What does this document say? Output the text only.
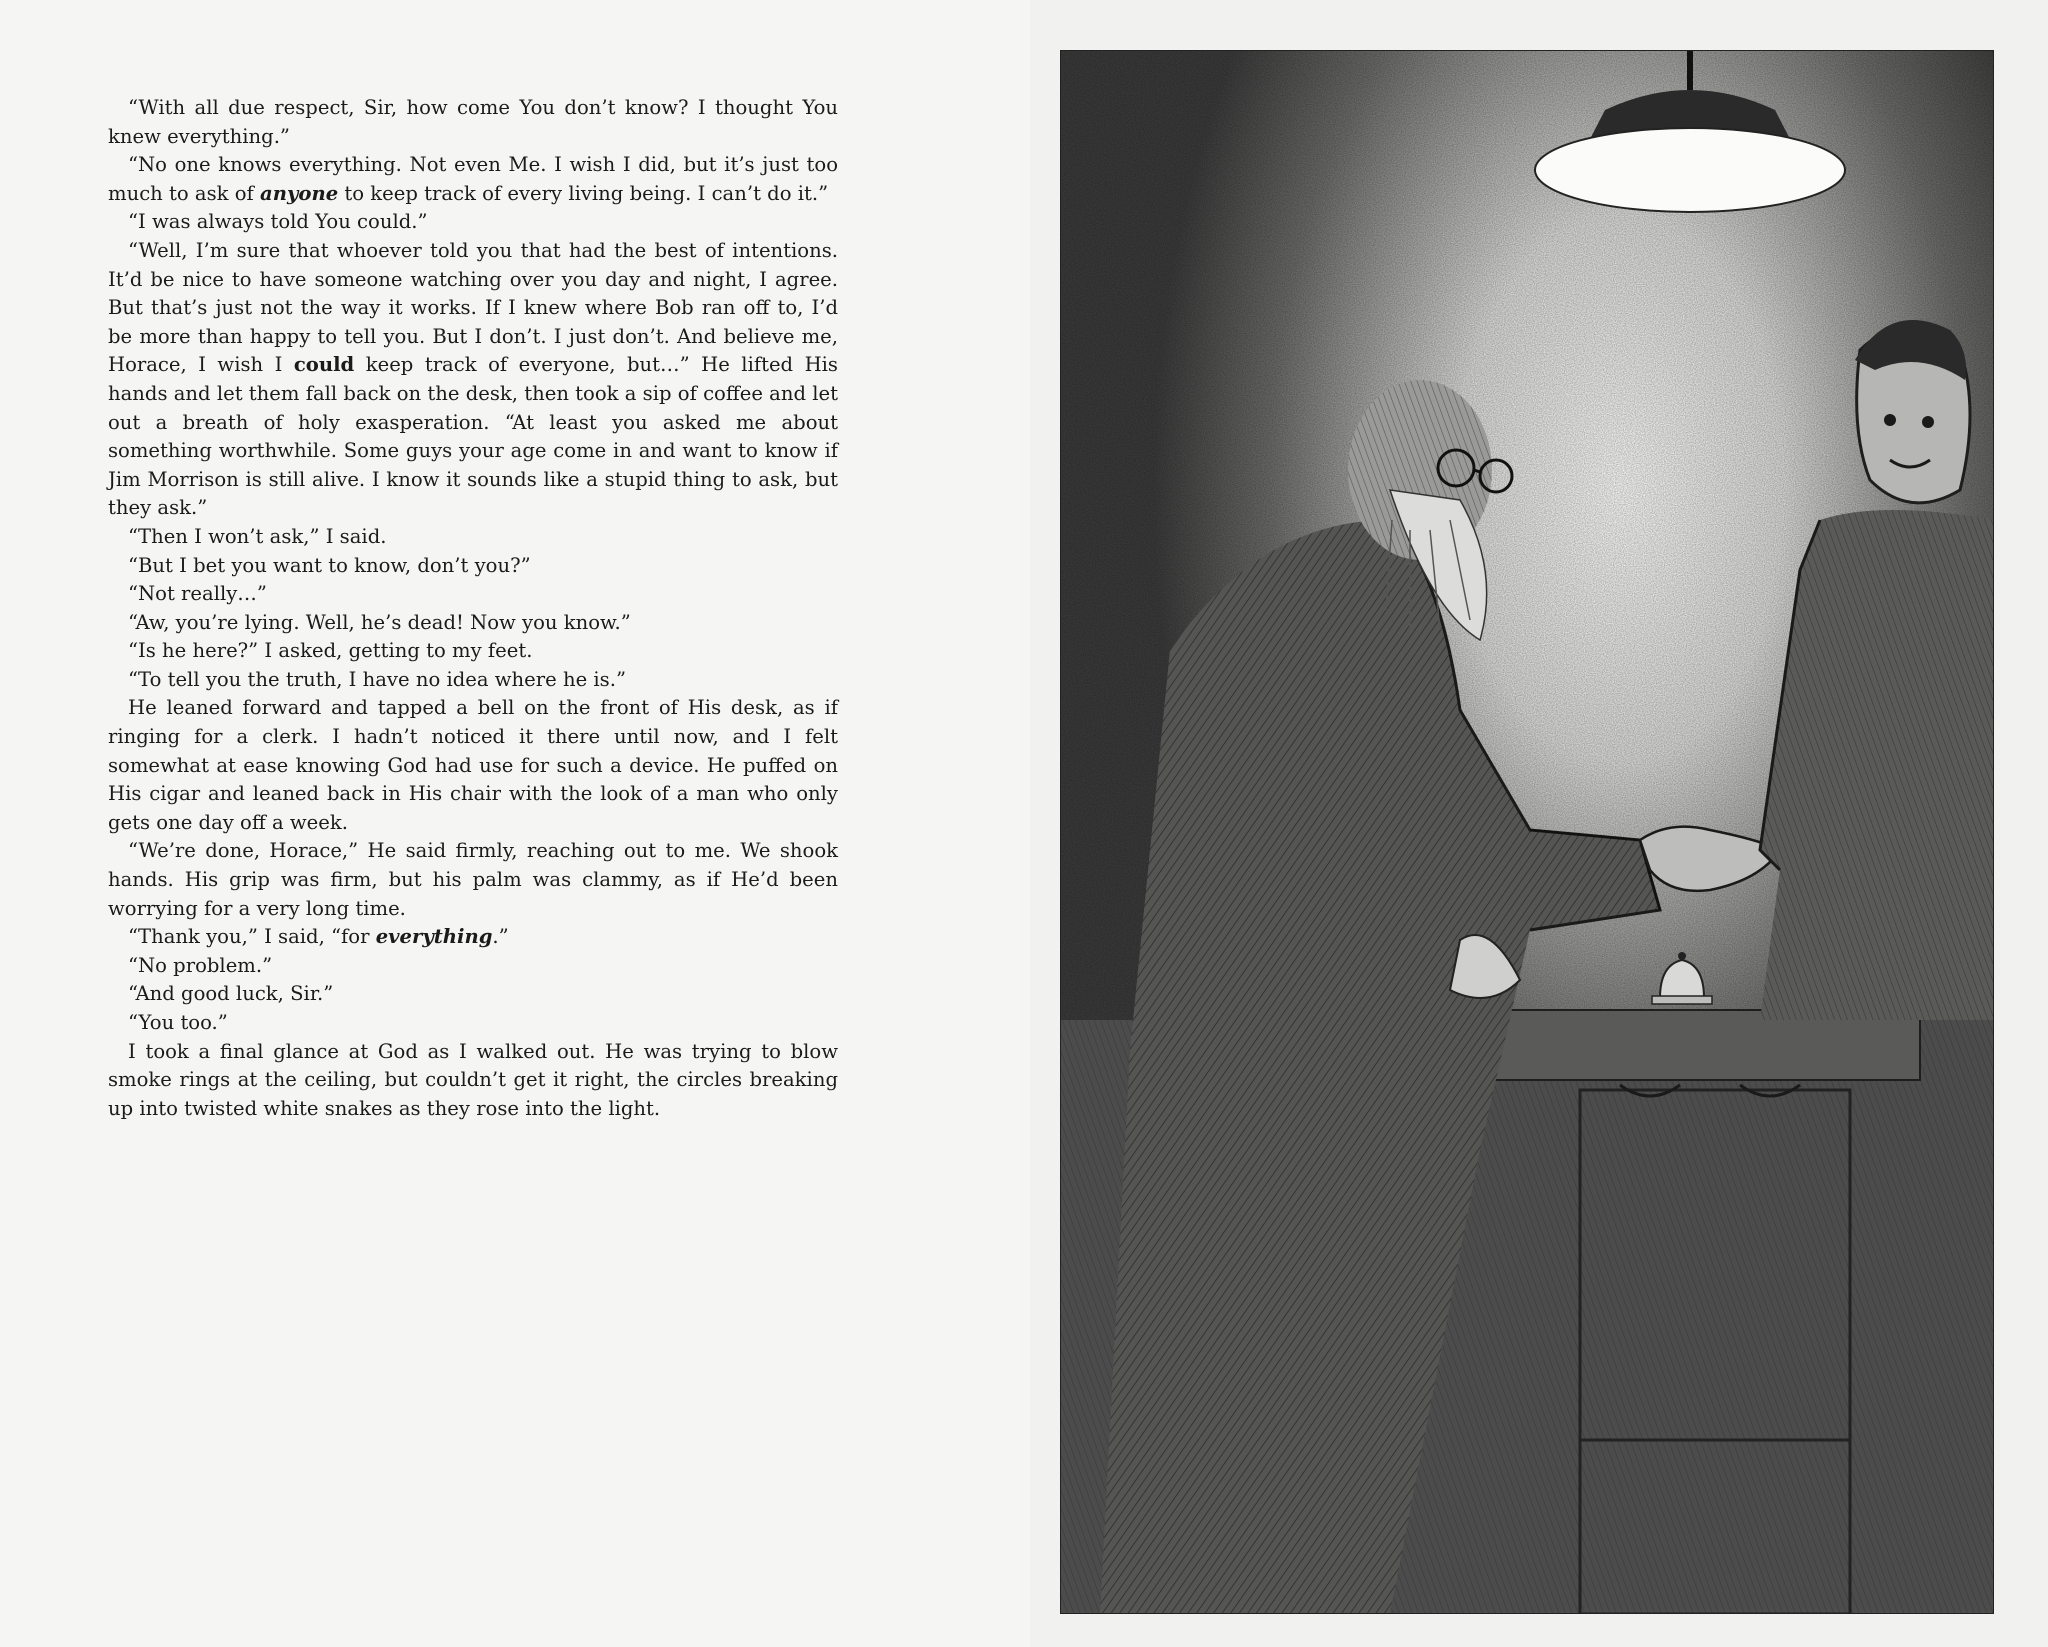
“With all due respect, Sir, how come You don’t know? I thought You knew everything.”

“No one knows everything. Not even Me. I wish I did, but it’s just too much to ask of anyone to keep track of every living being. I can’t do it.”

“I was always told You could.”

“Well, I’m sure that whoever told you that had the best of intentions. It’d be nice to have someone watching over you day and night, I agree. But that’s just not the way it works. If I knew where Bob ran off to, I’d be more than happy to tell you. But I don’t. I just don’t. And believe me, Horace, I wish I could keep track of everyone, but…” He lifted His hands and let them fall back on the desk, then took a sip of coffee and let out a breath of holy exasperation. “At least you asked me about something worthwhile. Some guys your age come in and want to know if Jim Morrison is still alive. I know it sounds like a stupid thing to ask, but they ask.”

“Then I won’t ask,” I said.

“But I bet you want to know, don’t you?”

“Not really…”

“Aw, you’re lying. Well, he’s dead! Now you know.”

“Is he here?” I asked, getting to my feet.

“To tell you the truth, I have no idea where he is.”

He leaned forward and tapped a bell on the front of His desk, as if ringing for a clerk. I hadn’t noticed it there until now, and I felt somewhat at ease knowing God had use for such a device. He puffed on His cigar and leaned back in His chair with the look of a man who only gets one day off a week.

“We’re done, Horace,” He said firmly, reaching out to me. We shook hands. His grip was firm, but his palm was clammy, as if He’d been worrying for a very long time.

“Thank you,” I said, “for everything.”

“No problem.”

“And good luck, Sir.”

“You too.”

I took a final glance at God as I walked out. He was trying to blow smoke rings at the ceiling, but couldn’t get it right, the circles breaking up into twisted white snakes as they rose into the light.
